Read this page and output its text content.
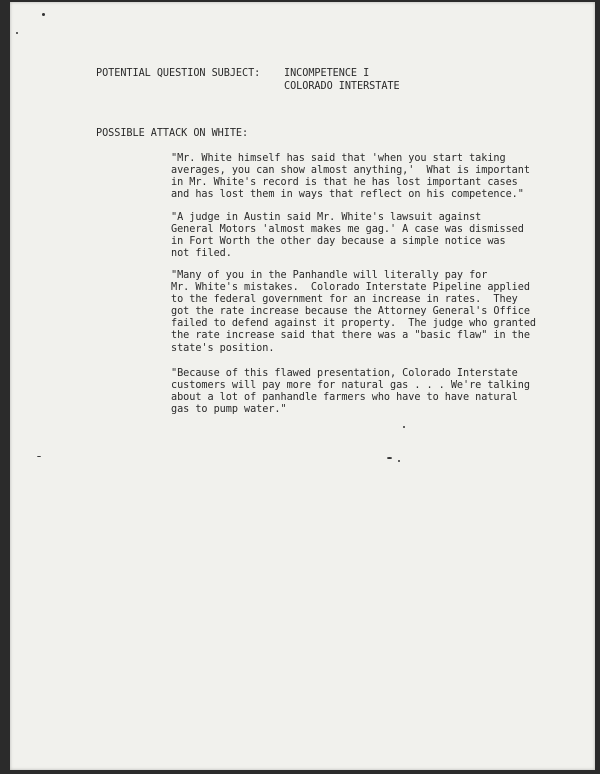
POTENTIAL QUESTION SUBJECT: INCOMPETENCE I

COLORADO INTERSTATE

POSSIBLE ATTACK ON WHITE:

"Mr. White himself has said that 'when you start taking
averages, you can show almost anything,'  What is important
in Mr. White's record is that he has lost important cases
and has lost them in ways that reflect on his competence."

"A judge in Austin said Mr. White's lawsuit against
General Motors 'almost makes me gag.' A case was dismissed
in Fort Worth the other day because a simple notice was
not filed.

"Many of you in the Panhandle will literally pay for
Mr. White's mistakes.  Colorado Interstate Pipeline applied
to the federal government for an increase in rates.  They
got the rate increase because the Attorney General's Office
failed to defend against it property.  The judge who granted
the rate increase said that there was a "basic flaw" in the
state's position.

"Because of this flawed presentation, Colorado Interstate
customers will pay more for natural gas . . . We're talking
about a lot of panhandle farmers who have to have natural
gas to pump water."
